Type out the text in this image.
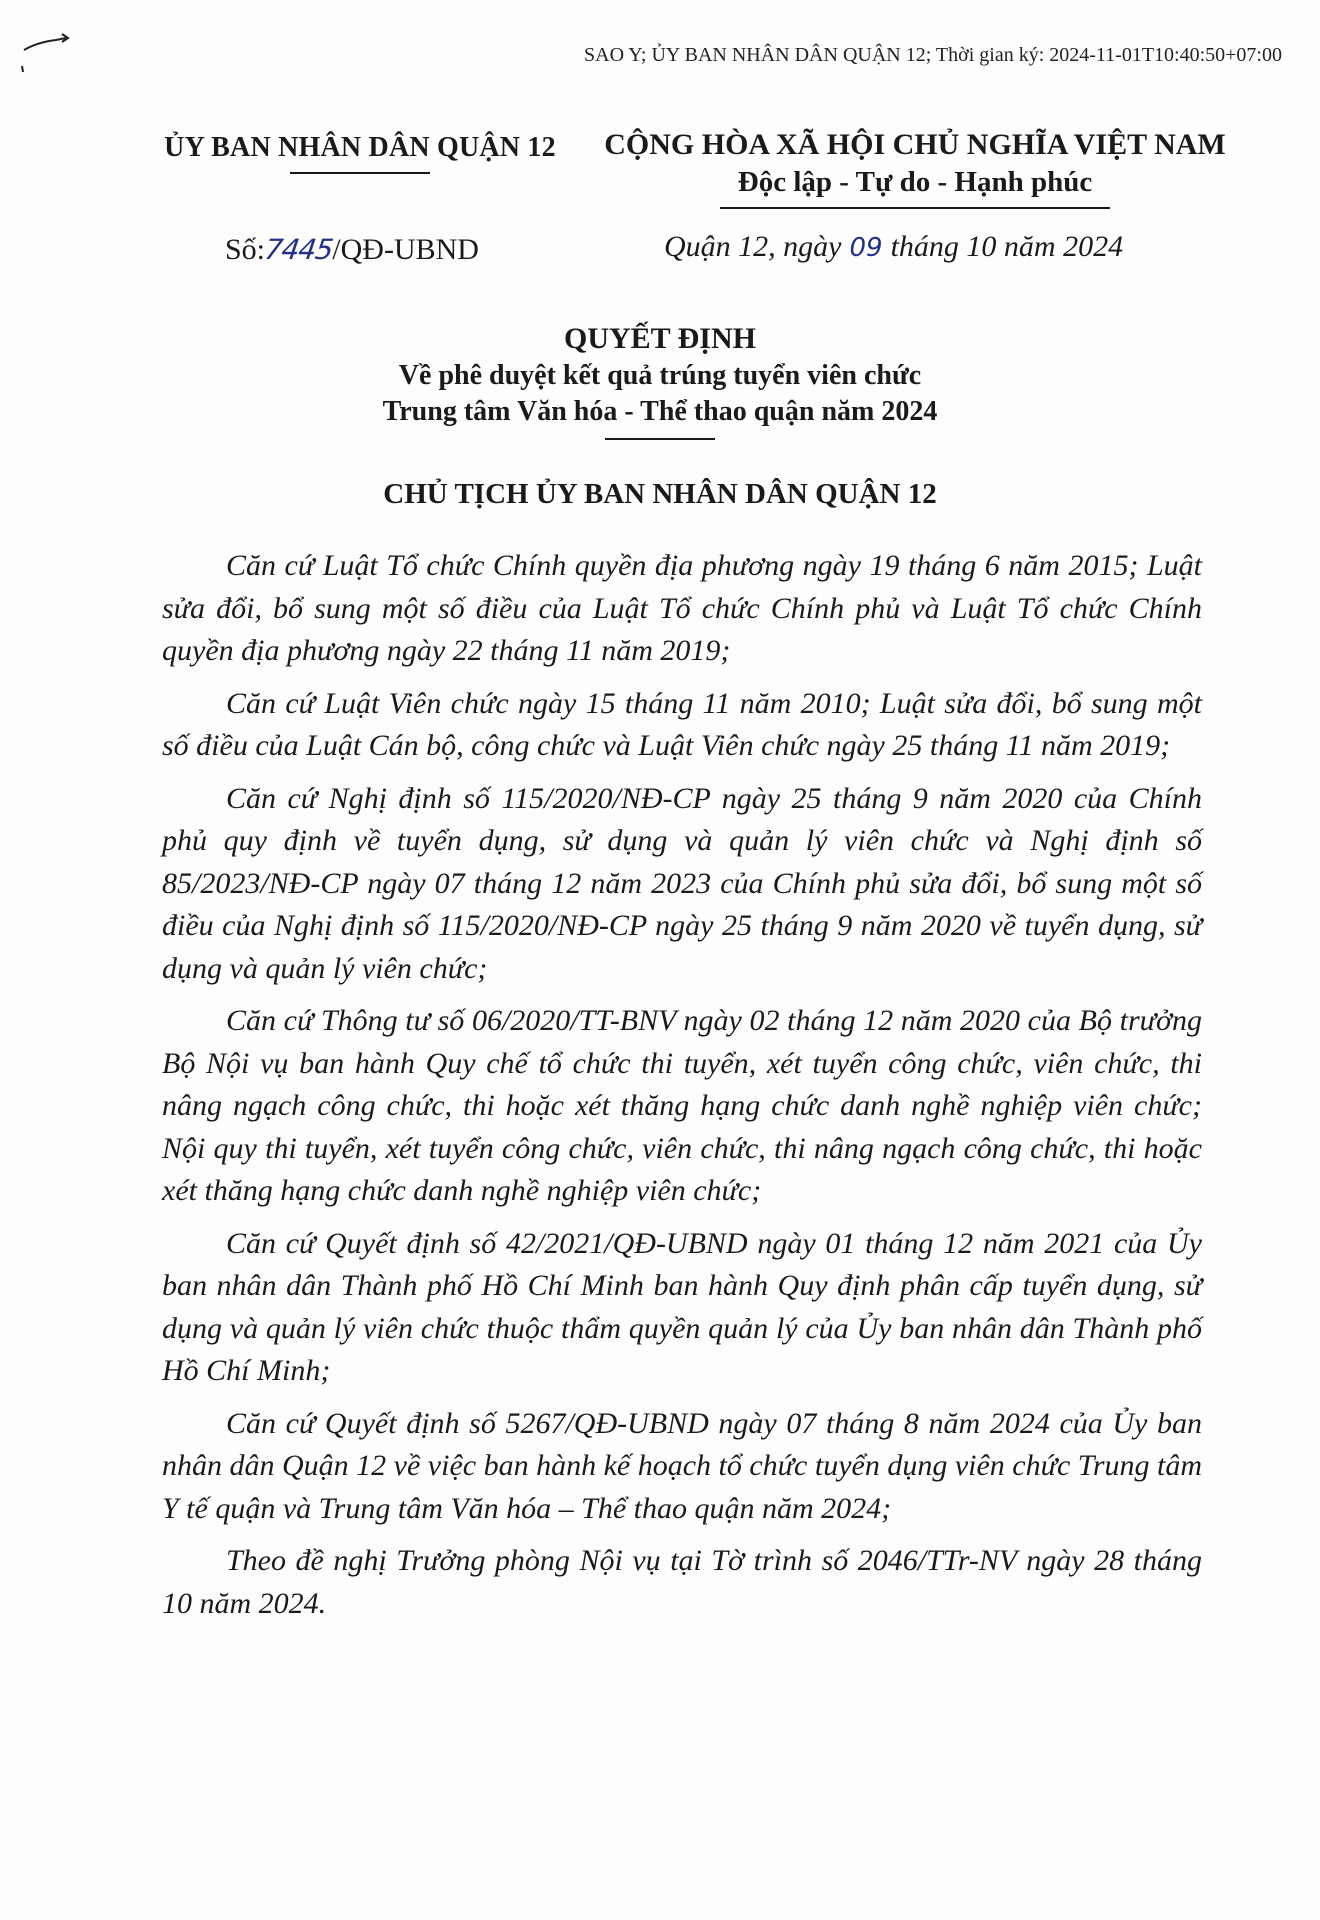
SAO Y; ỦY BAN NHÂN DÂN QUẬN 12; Thời gian ký: 2024-11-01T10:40:50+07:00
ỦY BAN NHÂN DÂN QUẬN 12	CỘNG HÒA XÃ HỘI CHỦ NGHĨA VIỆT NAM
Độc lập - Tự do - Hạnh phúc
Số:7445/QĐ-UBND	Quận 12, ngày 09 tháng 10 năm 2024
QUYẾT ĐỊNH
Về phê duyệt kết quả trúng tuyển viên chức
Trung tâm Văn hóa - Thể thao quận năm 2024
CHỦ TỊCH ỦY BAN NHÂN DÂN QUẬN 12

Căn cứ Luật Tổ chức Chính quyền địa phương ngày 19 tháng 6 năm 2015; Luật sửa đổi, bổ sung một số điều của Luật Tổ chức Chính phủ và Luật Tổ chức Chính quyền địa phương ngày 22 tháng 11 năm 2019;

Căn cứ Luật Viên chức ngày 15 tháng 11 năm 2010; Luật sửa đổi, bổ sung một số điều của Luật Cán bộ, công chức và Luật Viên chức ngày 25 tháng 11 năm 2019;

Căn cứ Nghị định số 115/2020/NĐ-CP ngày 25 tháng 9 năm 2020 của Chính phủ quy định về tuyển dụng, sử dụng và quản lý viên chức và Nghị định số 85/2023/NĐ-CP ngày 07 tháng 12 năm 2023 của Chính phủ sửa đổi, bổ sung một số điều của Nghị định số 115/2020/NĐ-CP ngày 25 tháng 9 năm 2020 về tuyển dụng, sử dụng và quản lý viên chức;

Căn cứ Thông tư số 06/2020/TT-BNV ngày 02 tháng 12 năm 2020 của Bộ trưởng Bộ Nội vụ ban hành Quy chế tổ chức thi tuyển, xét tuyển công chức, viên chức, thi nâng ngạch công chức, thi hoặc xét thăng hạng chức danh nghề nghiệp viên chức; Nội quy thi tuyển, xét tuyển công chức, viên chức, thi nâng ngạch công chức, thi hoặc xét thăng hạng chức danh nghề nghiệp viên chức;

Căn cứ Quyết định số 42/2021/QĐ-UBND ngày 01 tháng 12 năm 2021 của Ủy ban nhân dân Thành phố Hồ Chí Minh ban hành Quy định phân cấp tuyển dụng, sử dụng và quản lý viên chức thuộc thẩm quyền quản lý của Ủy ban nhân dân Thành phố Hồ Chí Minh;

Căn cứ Quyết định số 5267/QĐ-UBND ngày 07 tháng 8 năm 2024 của Ủy ban nhân dân Quận 12 về việc ban hành kế hoạch tổ chức tuyển dụng viên chức Trung tâm Y tế quận và Trung tâm Văn hóa – Thể thao quận năm 2024;

Theo đề nghị Trưởng phòng Nội vụ tại Tờ trình số 2046/TTr-NV ngày 28 tháng 10 năm 2024.
